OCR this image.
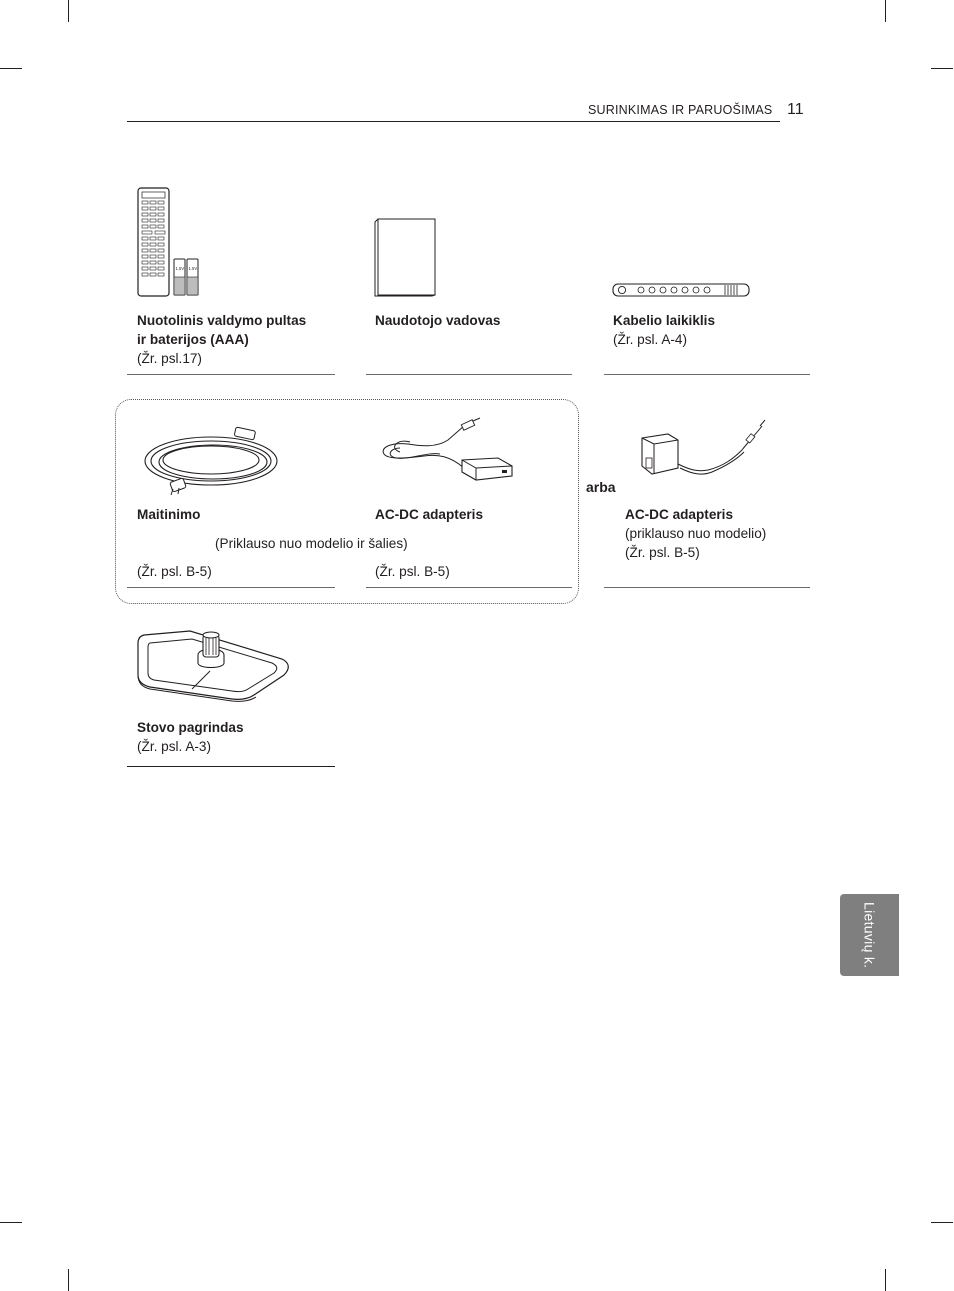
SURINKIMAS IR PARUOŠIMAS 11
1.5V 1.5V
Nuotolinis valdymo pultas
ir baterijos (AAA)
(Žr. psl.17)
Naudotojo vadovas	Kabelio laikiklis
(Žr. psl. A-4)
Maitinimo
(Žr. psl. B-5)
AC-DC adapteris
(Žr. psl. B-5)
(Priklauso nuo modelio ir šalies)
arba
AC-DC adapteris
(priklauso nuo modelio)
(Žr. psl. B-5)
Stovo pagrindas
(Žr. psl. A-3)
Lietuvių k.
